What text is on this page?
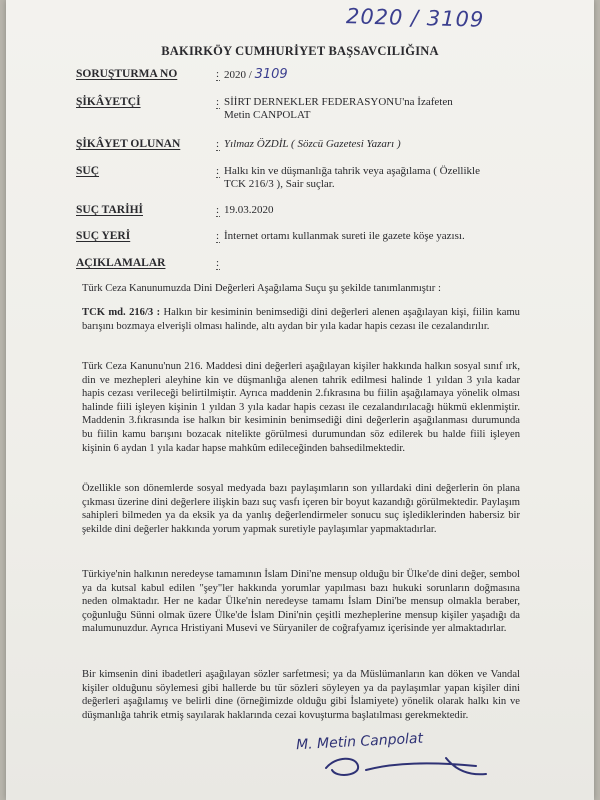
2020 / 3109
BAKIRKÖY CUMHURİYET BAŞSAVCILIĞINA
SORUŞTURMA NO	: 2020 / 3109
ŞİKÂYETÇİ	: SİİRT DERNEKLER FEDERASYONU'na İzafeten
Metin CANPOLAT
ŞİKÂYET OLUNAN	: Yılmaz ÖZDİL ( Sözcü Gazetesi Yazarı )
SUÇ	: Halkı kin ve düşmanlığa tahrik veya aşağılama ( Özellikle
TCK 216/3 ), Sair suçlar.
SUÇ TARİHİ	: 19.03.2020
SUÇ YERİ	: İnternet ortamı kullanmak sureti ile gazete köşe yazısı.
AÇIKLAMALAR	:
Türk Ceza Kanunumuzda Dini Değerleri Aşağılama Suçu şu şekilde tanımlanmıştır :
TCK md. 216/3 : Halkın bir kesiminin benimsediği dini değerleri alenen aşağılayan kişi, fiilin kamu barışını bozmaya elverişli olması halinde, altı aydan bir yıla kadar hapis cezası ile cezalandırılır.
Türk Ceza Kanunu'nun 216. Maddesi dini değerleri aşağılayan kişiler hakkında halkın sosyal sınıf ırk, din ve mezhepleri aleyhine kin ve düşmanlığa alenen tahrik edilmesi halinde 1 yıldan 3 yıla kadar hapis cezası verileceği belirtilmiştir. Ayrıca maddenin 2.fıkrasına bu fiilin aşağılamaya yönelik olması halinde fiili işleyen kişinin 1 yıldan 3 yıla kadar hapis cezası ile cezalandırılacağı hükmü eklenmiştir. Maddenin 3.fıkrasında ise halkın bir kesiminin benimsediği dini değerlerin aşağılanması durumunda bu fiilin kamu barışını bozacak nitelikte görülmesi durumundan söz edilerek bu halde fiili işleyen kişinin 6 aydan 1 yıla kadar hapse mahkûm edileceğinden bahsedilmektedir.
Özellikle son dönemlerde sosyal medyada bazı paylaşımların son yıllardaki dini değerlerin ön plana çıkması üzerine dini değerlere ilişkin bazı suç vasfı içeren bir boyut kazandığı görülmektedir. Paylaşım sahipleri bilmeden ya da eksik ya da yanlış değerlendirmeler sonucu suç işlediklerinden habersiz bir şekilde dini değerler hakkında yorum yapmak suretiyle paylaşımlar yapmaktadırlar.
Türkiye'nin halkının neredeyse tamamının İslam Dini'ne mensup olduğu bir Ülke'de dini değer, sembol ya da kutsal kabul edilen "şey"ler hakkında yorumlar yapılması bazı hukuki sorunların doğmasına neden olmaktadır. Her ne kadar Ülke'nin neredeyse tamamı İslam Dini'be mensup olmakla beraber, çoğunluğu Sünni olmak üzere Ülke'de İslam Dini'nin çeşitli mezheplerine mensup kişiler yaşadığı da malumunuzdur. Ayrıca Hristiyani Musevi ve Süryaniler de coğrafyamız içerisinde yer almaktadırlar.
Bir kimsenin dini ibadetleri aşağılayan sözler sarfetmesi; ya da Müslümanların kan döken ve Vandal kişiler olduğunu söylemesi gibi hallerde bu tür sözleri söyleyen ya da paylaşımlar yapan kişiler dini değerleri aşağılamış ve belirli dine (örneğimizde olduğu gibi İslamiyete) yönelik olarak halkı kin ve düşmanlığa tahrik etmiş sayılarak haklarında cezai kovuşturma başlatılması gerekmektedir.
M. Metin Canpolat
